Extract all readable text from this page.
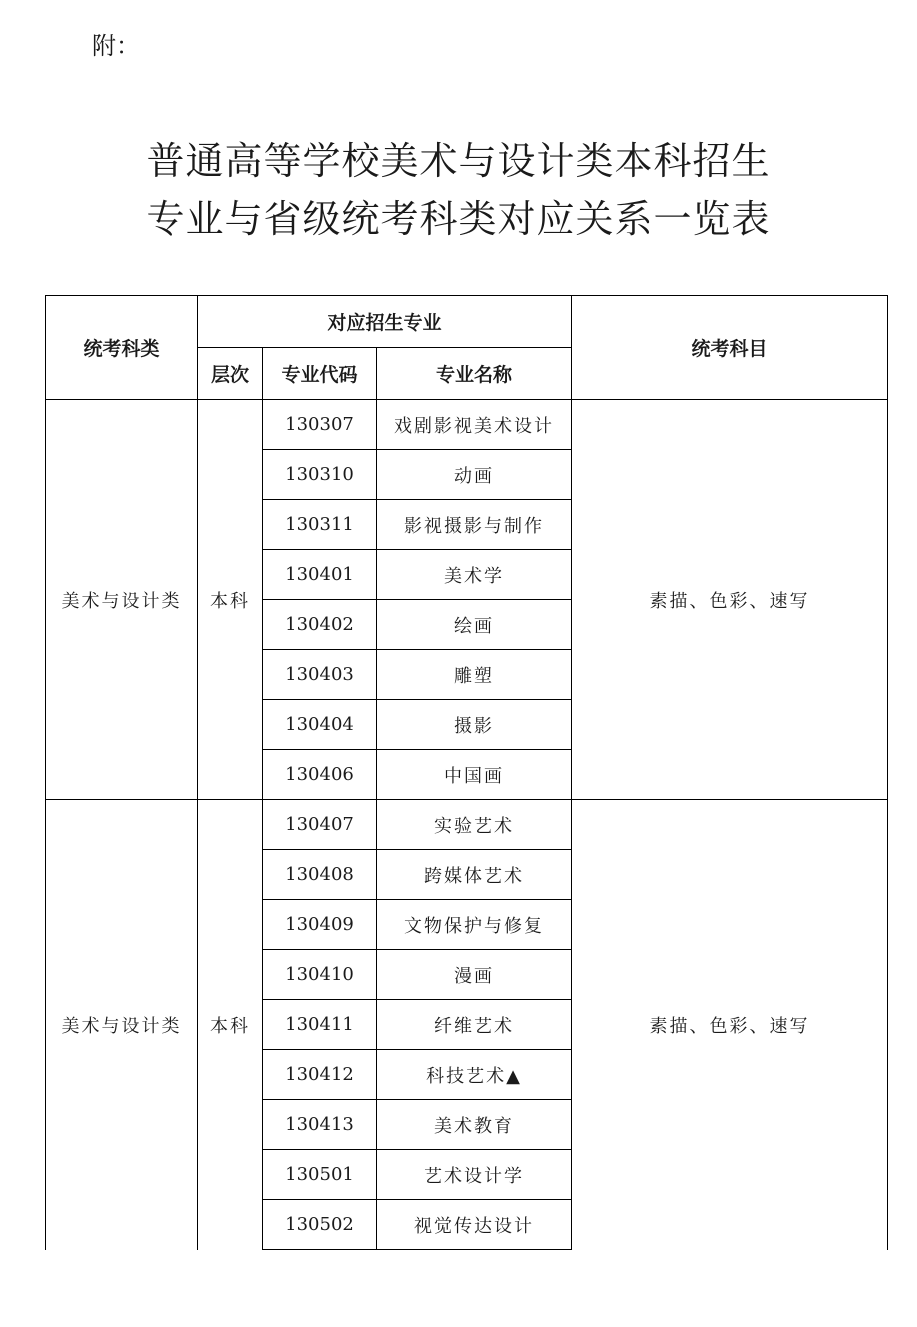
附：
普通高等学校美术与设计类本科招生
专业与省级统考科类对应关系一览表
统考科类	对应招生专业			统考科目
	层次	专业代码	专业名称	
美术与设计类	本科	130307	戏剧影视美术设计	素描、色彩、速写
		130310	动画	
		130311	影视摄影与制作	
		130401	美术学	
		130402	绘画	
		130403	雕塑	
		130404	摄影	
		130406	中国画	
美术与设计类	本科	130407	实验艺术	素描、色彩、速写
		130408	跨媒体艺术	
		130409	文物保护与修复	
		130410	漫画	
		130411	纤维艺术	
		130412	科技艺术▲	
		130413	美术教育	
		130501	艺术设计学	
		130502	视觉传达设计	
